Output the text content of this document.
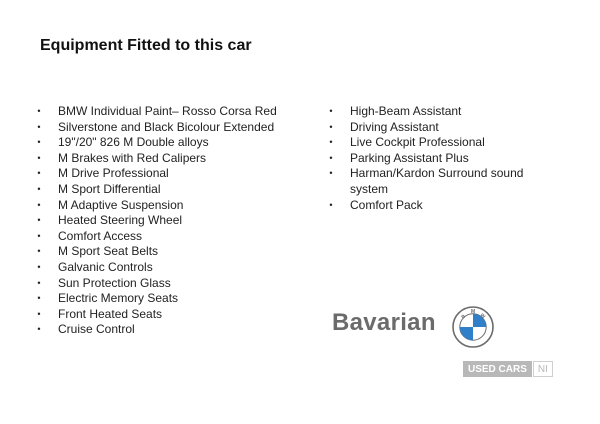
Equipment Fitted to this car
• BMW Individual Paint– Rosso Corsa Red
• Silverstone and Black Bicolour Extended
• 19"/20" 826 M Double alloys
• M Brakes with Red Calipers
• M Drive Professional
• M Sport Differential
• M Adaptive Suspension
• Heated Steering Wheel
• Comfort Access
• M Sport Seat Belts
• Galvanic Controls
• Sun Protection Glass
• Electric Memory Seats
• Front Heated Seats
• Cruise Control
• High-Beam Assistant
• Driving Assistant
• Live Cockpit Professional
• Parking Assistant Plus
• Harman/Kardon Surround sound system
• Comfort Pack
Bavarian	B
M
W
USED CARS	NI
